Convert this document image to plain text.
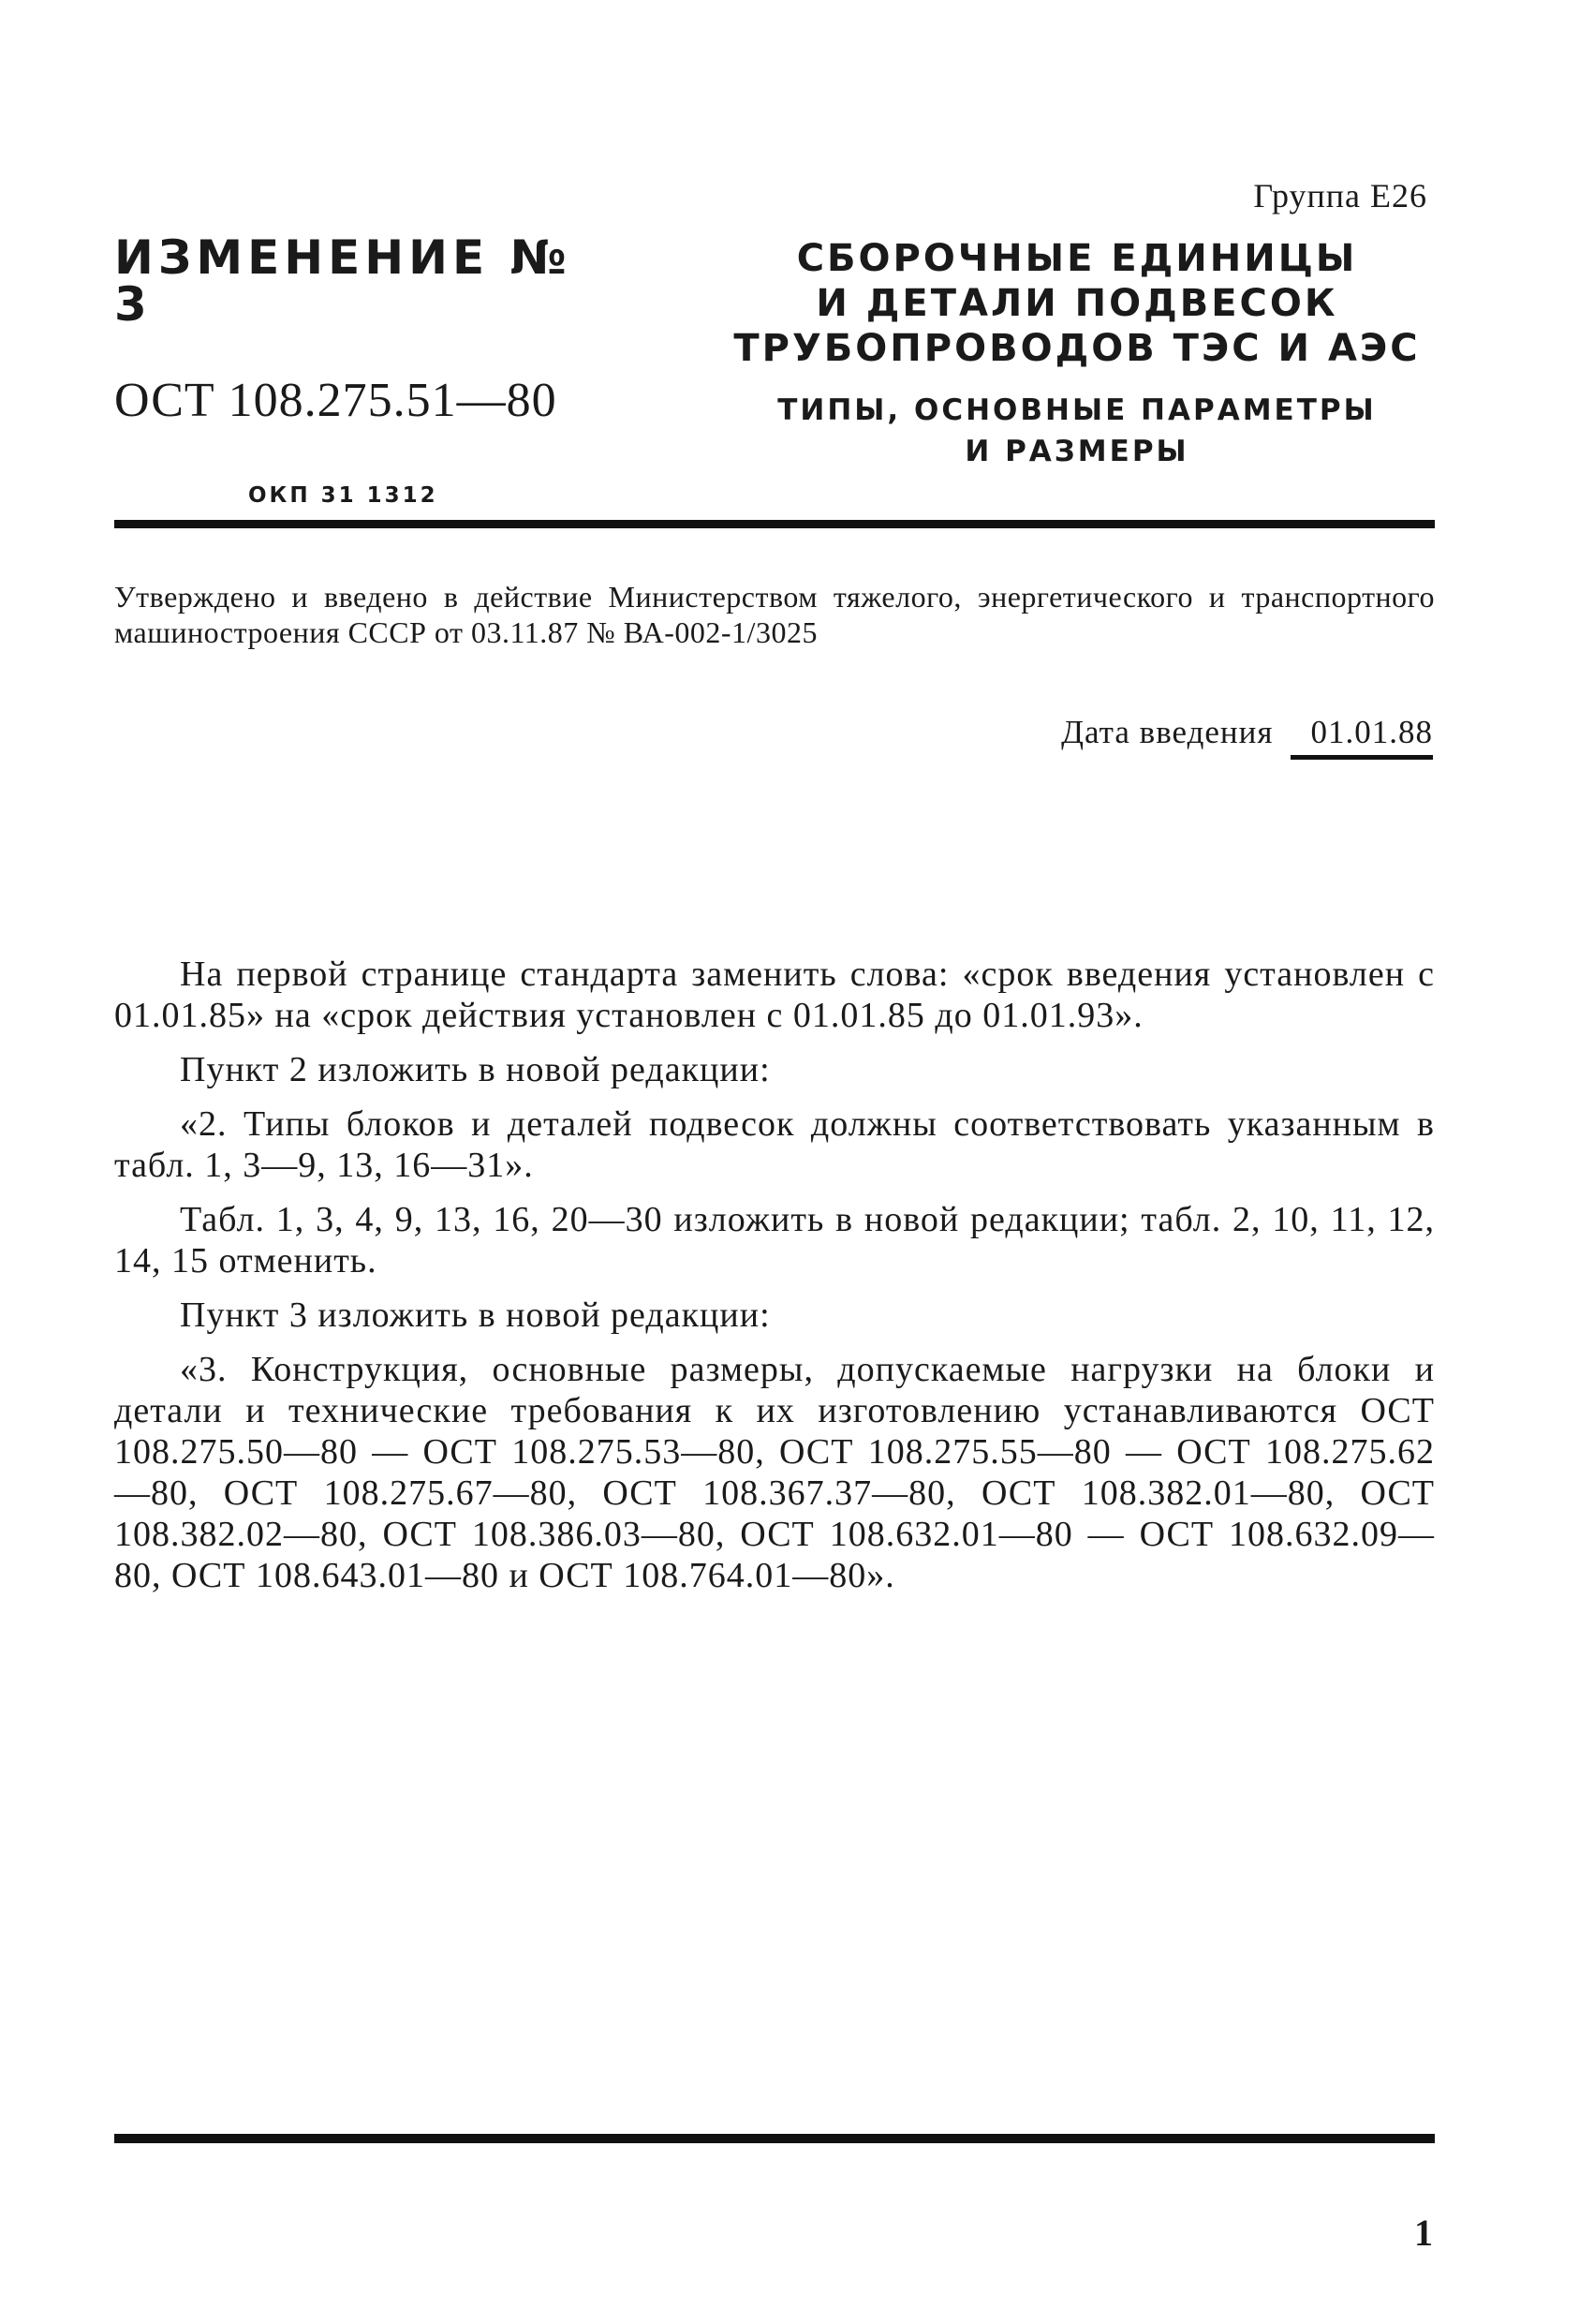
Группа Е26
ИЗМЕНЕНИЕ № 3
ОСТ 108.275.51—80
ОКП 31 1312
СБОРОЧНЫЕ ЕДИНИЦЫ
И ДЕТАЛИ ПОДВЕСОК
ТРУБОПРОВОДОВ ТЭС И АЭС
ТИПЫ, ОСНОВНЫЕ ПАРАМЕТРЫ
И РАЗМЕРЫ
Утверждено и введено в действие Министерством тяжелого, энергетического и транспортного машиностроения СССР от 03.11.87 № ВА-002-1/3025
Дата введения 01.01.88

На первой странице стандарта заменить слова: «срок введения установлен с 01.01.85» на «срок действия установлен с 01.01.85 до 01.01.93».

Пункт 2 изложить в новой редакции:

«2. Типы блоков и деталей подвесок должны соответствовать указанным в табл. 1, 3—9, 13, 16—31».

Табл. 1, 3, 4, 9, 13, 16, 20—30 изложить в новой редакции; табл. 2, 10, 11, 12, 14, 15 отменить.

Пункт 3 изложить в новой редакции:

«3. Конструкция, основные размеры, допускаемые нагрузки на блоки и детали и технические требования к их изготовлению устанавливаются ОСТ 108.275.50—80 — ОСТ 108.275.53—80, ОСТ 108.275.55—80 — ОСТ 108.275.62—80, ОСТ 108.275.67—80, ОСТ 108.367.37—80, ОСТ 108.382.01—80, ОСТ 108.382.02—80, ОСТ 108.386.03—80, ОСТ 108.632.01—80 — ОСТ 108.632.09—80, ОСТ 108.643.01—80 и ОСТ 108.764.01—80».

1
